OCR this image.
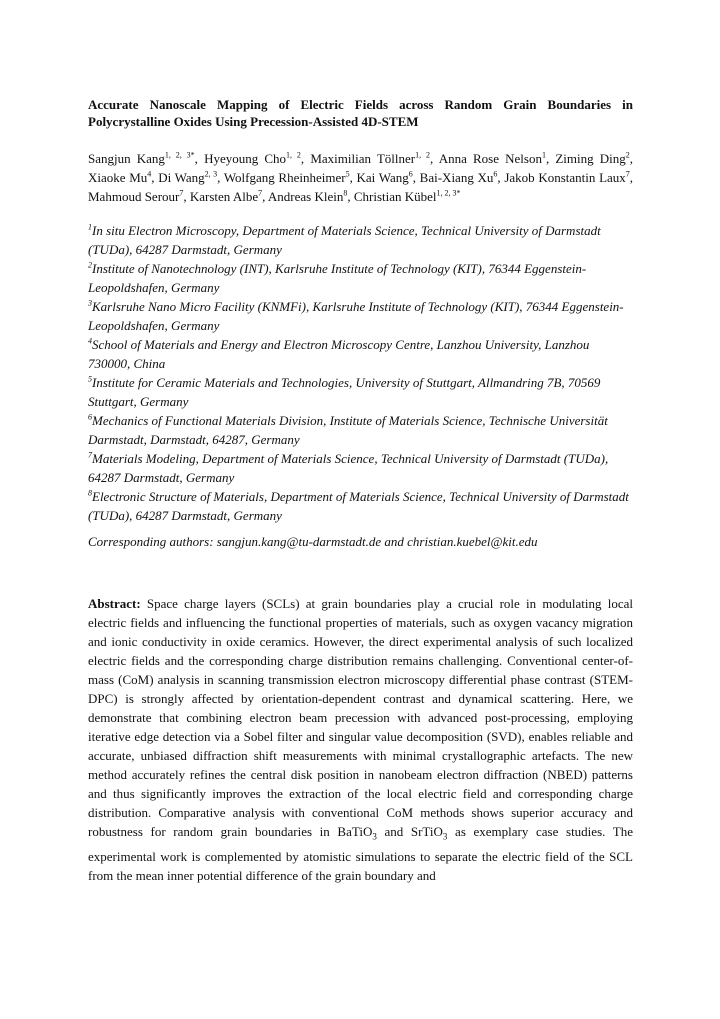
Accurate Nanoscale Mapping of Electric Fields across Random Grain Boundaries in Polycrystalline Oxides Using Precession-Assisted 4D-STEM

Sangjun Kang$^{1, 2, 3*}$, Hyeyoung Cho$^{1, 2}$, Maximilian Töllner$^{1, 2}$, Anna Rose Nelson$^1$, Ziming Ding$^2$, Xiaoke Mu$^4$, Di Wang$^{2, 3}$, Wolfgang Rheinheimer$^5$, Kai Wang$^6$, Bai-Xiang Xu$^6$, Jakob Konstantin Laux$^7$, Mahmoud Serour$^7$, Karsten Albe$^7$, Andreas Klein$^8$, Christian Kübel$^{1, 2, 3*}$

$^1$In situ Electron Microscopy, Department of Materials Science, Technical University of Darmstadt (TUDa), 64287 Darmstadt, Germany

$^2$Institute of Nanotechnology (INT), Karlsruhe Institute of Technology (KIT), 76344 Eggenstein-Leopoldshafen, Germany

$^3$Karlsruhe Nano Micro Facility (KNMFi), Karlsruhe Institute of Technology (KIT), 76344 Eggenstein-Leopoldshafen, Germany

$^4$School of Materials and Energy and Electron Microscopy Centre, Lanzhou University, Lanzhou 730000, China

$^5$Institute for Ceramic Materials and Technologies, University of Stuttgart, Allmandring 7B, 70569 Stuttgart, Germany

$^6$Mechanics of Functional Materials Division, Institute of Materials Science, Technische Universität Darmstadt, Darmstadt, 64287, Germany

$^7$Materials Modeling, Department of Materials Science, Technical University of Darmstadt (TUDa), 64287 Darmstadt, Germany

$^8$Electronic Structure of Materials, Department of Materials Science, Technical University of Darmstadt (TUDa), 64287 Darmstadt, Germany

Corresponding authors: sangjun.kang@tu-darmstadt.de and christian.kuebel@kit.edu

Abstract: Space charge layers (SCLs) at grain boundaries play a crucial role in modulating local electric fields and influencing the functional properties of materials, such as oxygen vacancy migration and ionic conductivity in oxide ceramics. However, the direct experimental analysis of such localized electric fields and the corresponding charge distribution remains challenging. Conventional center-of-mass (CoM) analysis in scanning transmission electron microscopy differential phase contrast (STEM-DPC) is strongly affected by orientation-dependent contrast and dynamical scattering. Here, we demonstrate that combining electron beam precession with advanced post-processing, employing iterative edge detection via a Sobel filter and singular value decomposition (SVD), enables reliable and accurate, unbiased diffraction shift measurements with minimal crystallographic artefacts. The new method accurately refines the central disk position in nanobeam electron diffraction (NBED) patterns and thus significantly improves the extraction of the local electric field and corresponding charge distribution. Comparative analysis with conventional CoM methods shows superior accuracy and robustness for random grain boundaries in BaTiO$_3$ and SrTiO$_3$ as exemplary case studies. The experimental work is complemented by atomistic simulations to separate the electric field of the SCL from the mean inner potential difference of the grain boundary and
